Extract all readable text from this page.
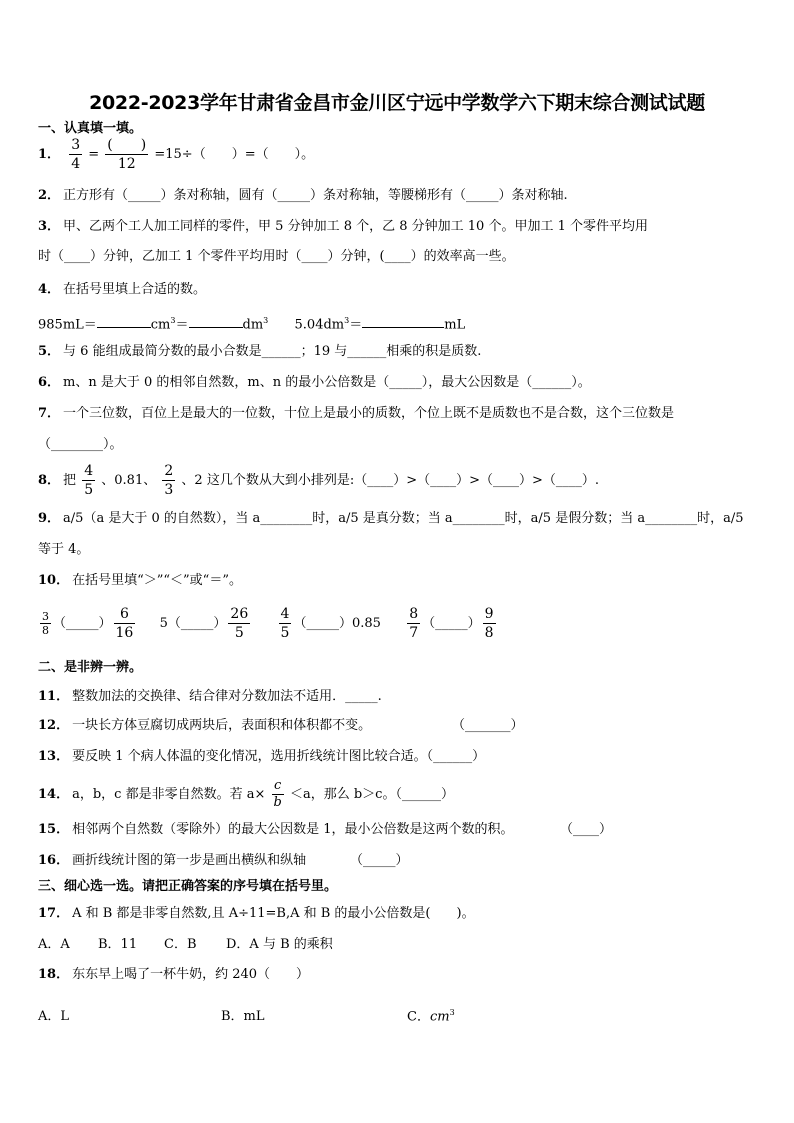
2022-2023学年甘肃省金昌市金川区宁远中学数学六下期末综合测试试题
一、认真填一填。
1． $\frac{3}{4} = \frac{( )}{12} =15\div$（　　）=（　　）。
2． 正方形有（_____）条对称轴，圆有（_____）条对称轴，等腰梯形有（_____）条对称轴.
3． 甲、乙两个工人加工同样的零件，甲 5 分钟加工 8 个，乙 8 分钟加工 10 个。甲加工 1 个零件平均用
时（____）分钟，乙加工 1 个零件平均用时（____）分钟，(____）的效率高一些。
4． 在括号里填上合适的数。
985mL＝	$cm^3=$	$dm^3$ $5.04dm^3=$	mL
5． 与 6 能组成最简分数的最小合数是______；19 与______相乘的积是质数.
6． m、n 是大于 0 的相邻自然数，m、n 的最小公倍数是（_____），最大公因数是（______）。
7． 一个三位数，百位上是最大的一位数，十位上是最小的质数，个位上既不是质数也不是合数，这个三位数是
（________）。
8． 把 $\frac{4}{5}$ 、0.81、 $\frac{2}{3}$ 、2 这几个数从大到小排列是:（____）>（____）>（____）>（____）.
9． a/5（a 是大于 0 的自然数），当 a________时，a/5 是真分数；当 a________时，a/5 是假分数；当 a________时，a/5
等于 4。
10． 在括号里填“＞”“＜”或“＝”。
$\frac{3}{8}$ （_____） $\frac{6}{16}$ 5（_____） $\frac{26}{5}$
$\frac{4}{5}$ （_____）0.85 $\frac{8}{7}$ （_____） $\frac{9}{8}$
二、是非辨一辨。
11． 整数加法的交换律、结合律对分数加法不适用．_____.
12． 一块长方体豆腐切成两块后，表面积和体积都不变。	（_______）
13． 要反映 1 个病人体温的变化情况，选用折线统计图比较合适。（______）
14． a，b，c 都是非零自然数。若 $a\times \frac{c}{b} <a$，那么 b＞c。（______）
15． 相邻两个自然数（零除外）的最大公因数是 1，最小公倍数是这两个数的积。	（____）
16． 画折线统计图的第一步是画出横纵和纵轴	（_____）
三、细心选一选。请把正确答案的序号填在括号里。
17． A 和 B 都是非零自然数,且 A÷11=B,A 和 B 的最小公倍数是(　　)。
A．A B．11 C．B D．A 与 B 的乘积
18． 东东早上喝了一杯牛奶，约 240（　　）
A．L	B．mL	C．$cm^3$
